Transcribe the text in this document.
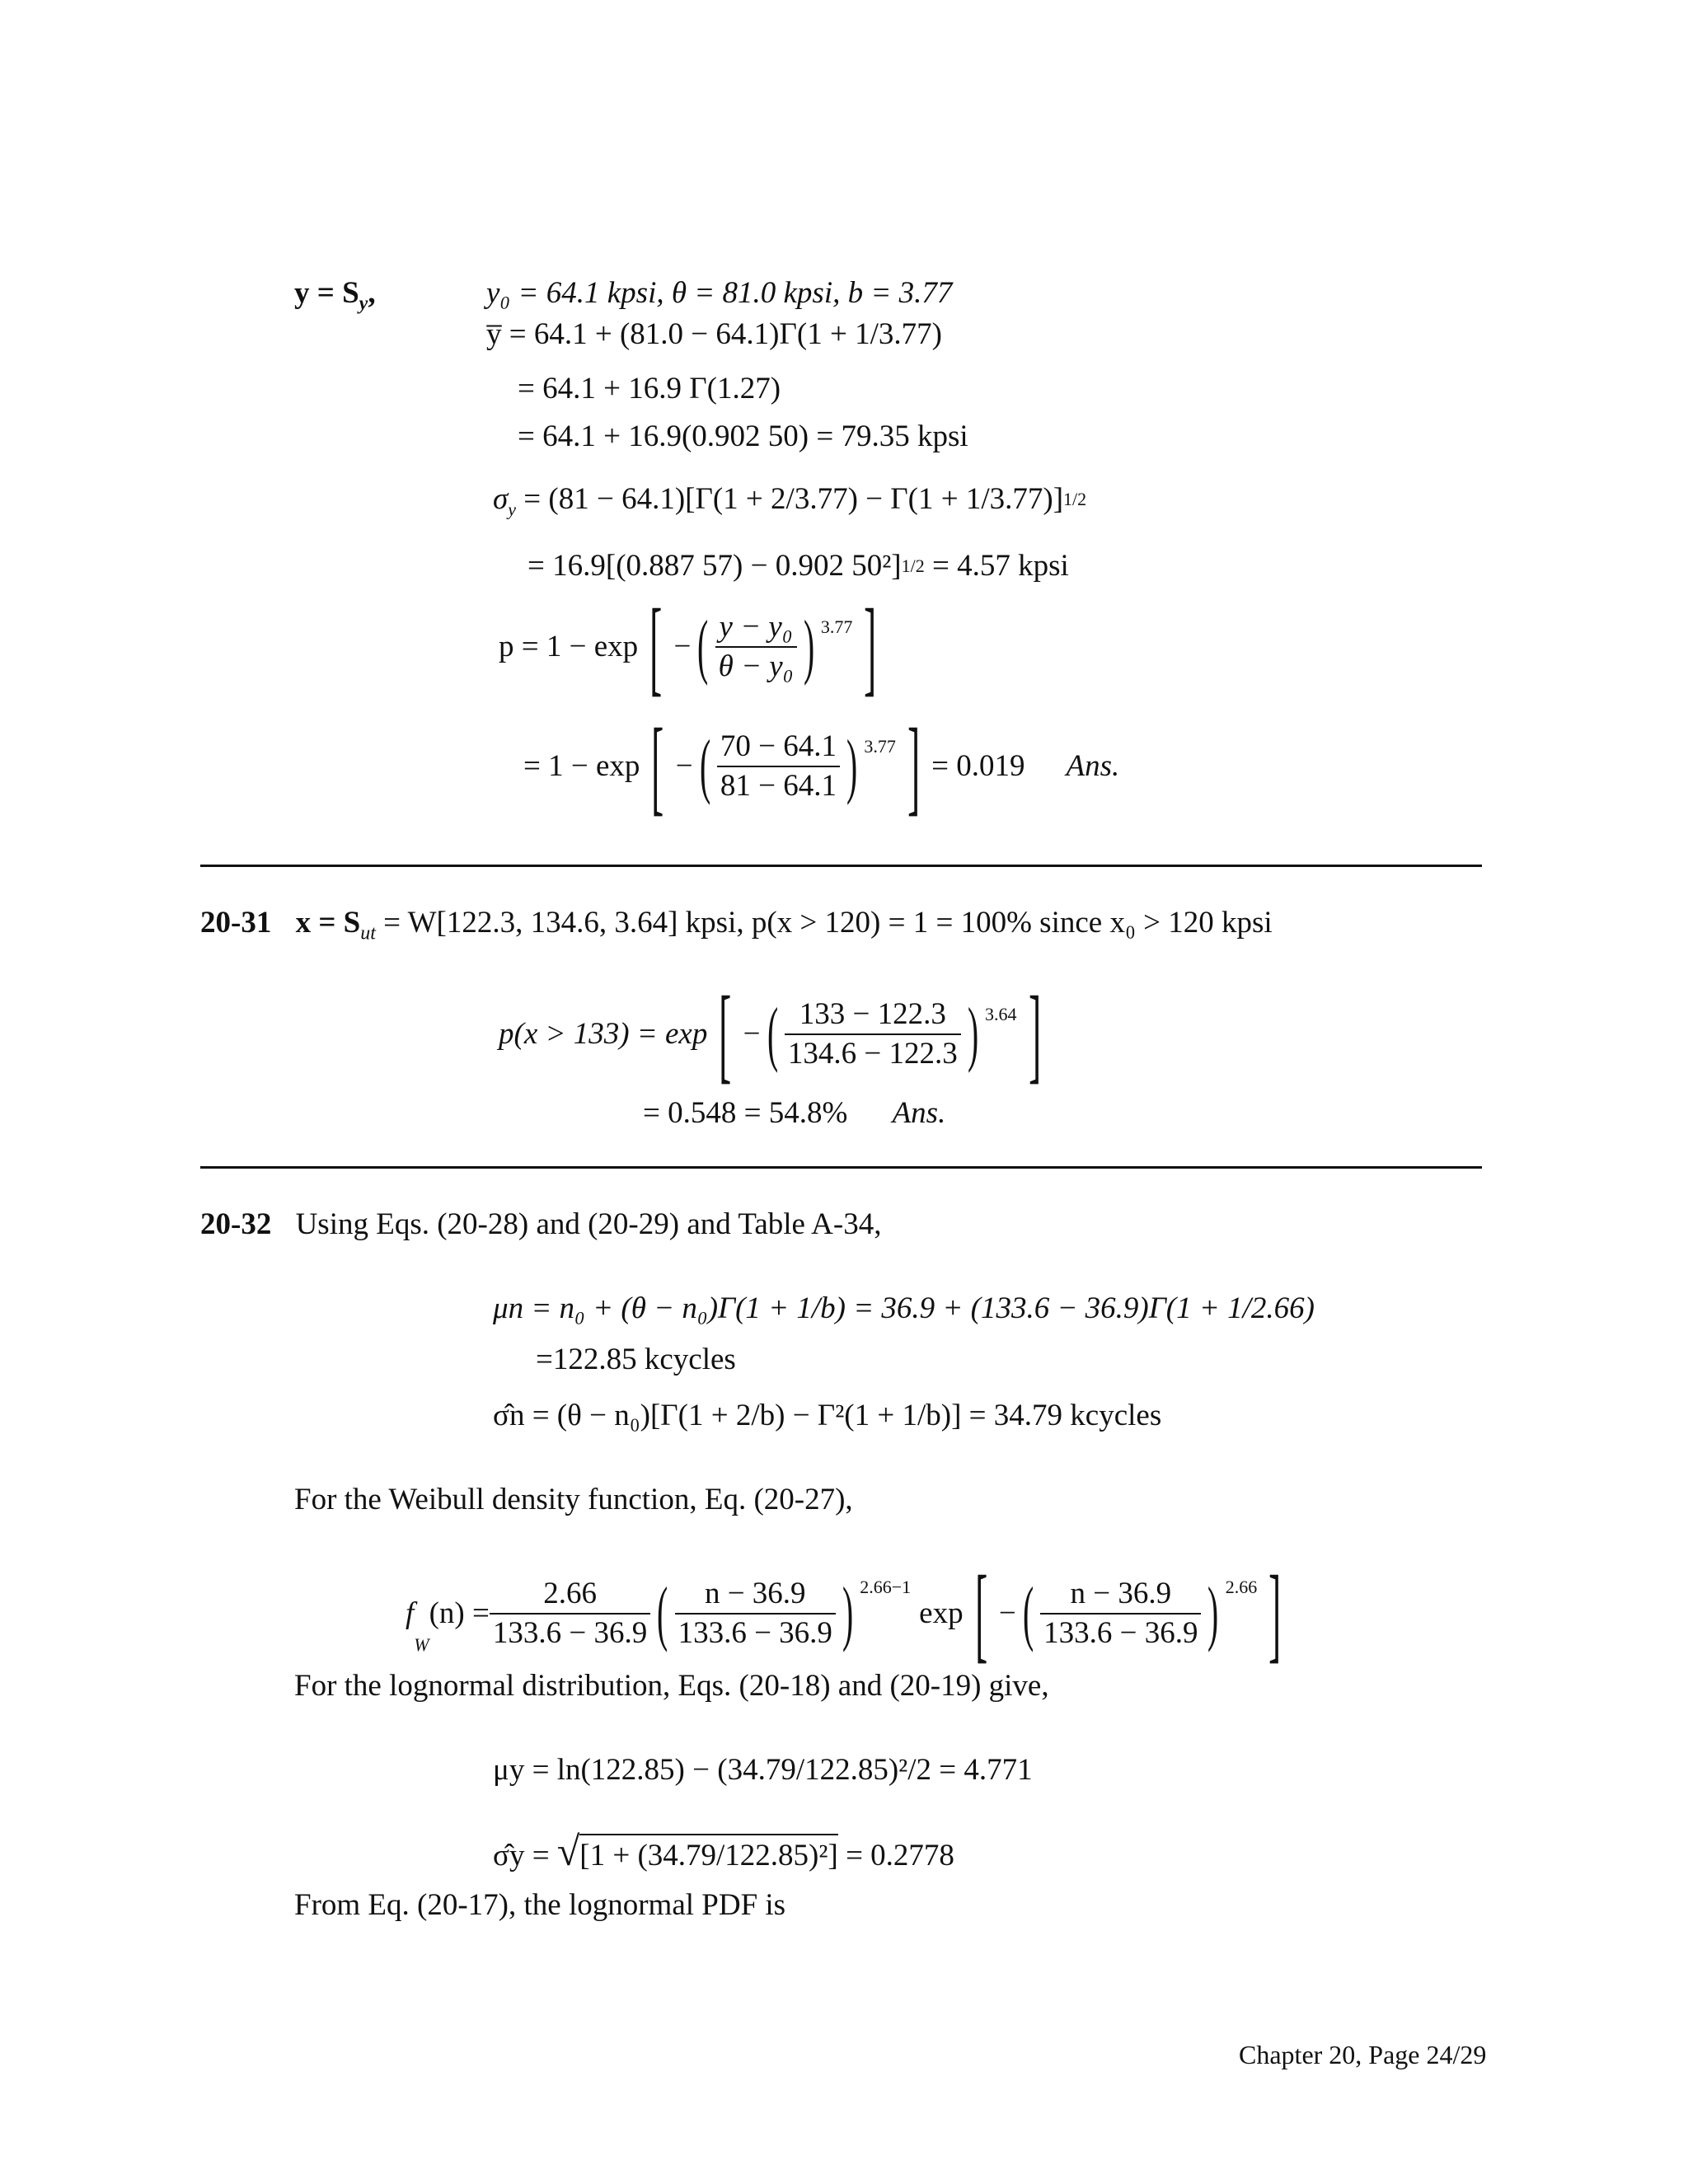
$y = S_y$,	y₀ = 64.1 kpsi, θ = 81.0 kpsi, b = 3.77
y̅ = 64.1 + (81.0 − 64.1)Γ(1 + 1/3.77)
= 64.1 + 16.9 Γ(1.27)
= 64.1 + 16.9(0.902 50) = 79.35 kpsi
$\sigma_y = (81 - 64.1)[\Gamma(1 + 2/3.77) - \Gamma(1 + 1/3.77)]1/2$
= 16.9[(0.887 57) − 0.902 50²]1/2 = 4.57 kpsi
p = 1 − exp [ − ( $\frac{\text{y − y₀}}{\text{θ − y₀}}$ ) 3.77 ]
= 1 − exp [ − ( $\frac{70 - 64.1}{81 - 64.1}$ ) 3.77 ] = 0.019 Ans.
20-31 $x = S_{ut} = W[122.3$, 134.6, 3.64] kpsi, p(x > 120) = 1 = 100% since x₀ > 120 kpsi
p(x > 133) = exp [ − ( $\frac{133 - 122.3}{134.6 - 122.3}$ ) 3.64 ]
= 0.548 = 54.8% Ans.
20-32 Using Eqs. (20-28) and (20-29) and Table A-34,
μn = n₀ + (θ − n₀)Γ(1 + 1/b) = 36.9 + (133.6 − 36.9)Γ(1 + 1/2.66)
=122.85 kcycles
σ̂n = (θ − n₀)[Γ(1 + 2/b) − Γ²(1 + 1/b)] = 34.79 kcycles
For the Weibull density function, Eq. (20-27),
f
$_W$
$(n) = \frac{2.66}{133.6 - 36.9}$ ( $\frac{n - 36.9}{133.6 - 36.9}$ ) 2.66−1
exp [ − ( $\frac{n - 36.9}{133.6 - 36.9}$ ) 2.66 ]
For the lognormal distribution, Eqs. (20-18) and (20-19) give,
μy = ln(122.85) − (34.79/122.85)²/2 = 4.771
σ̂y = √[1 + (34.79/122.85)²] = 0.2778
From Eq. (20-17), the lognormal PDF is
Chapter 20, Page 24/29
